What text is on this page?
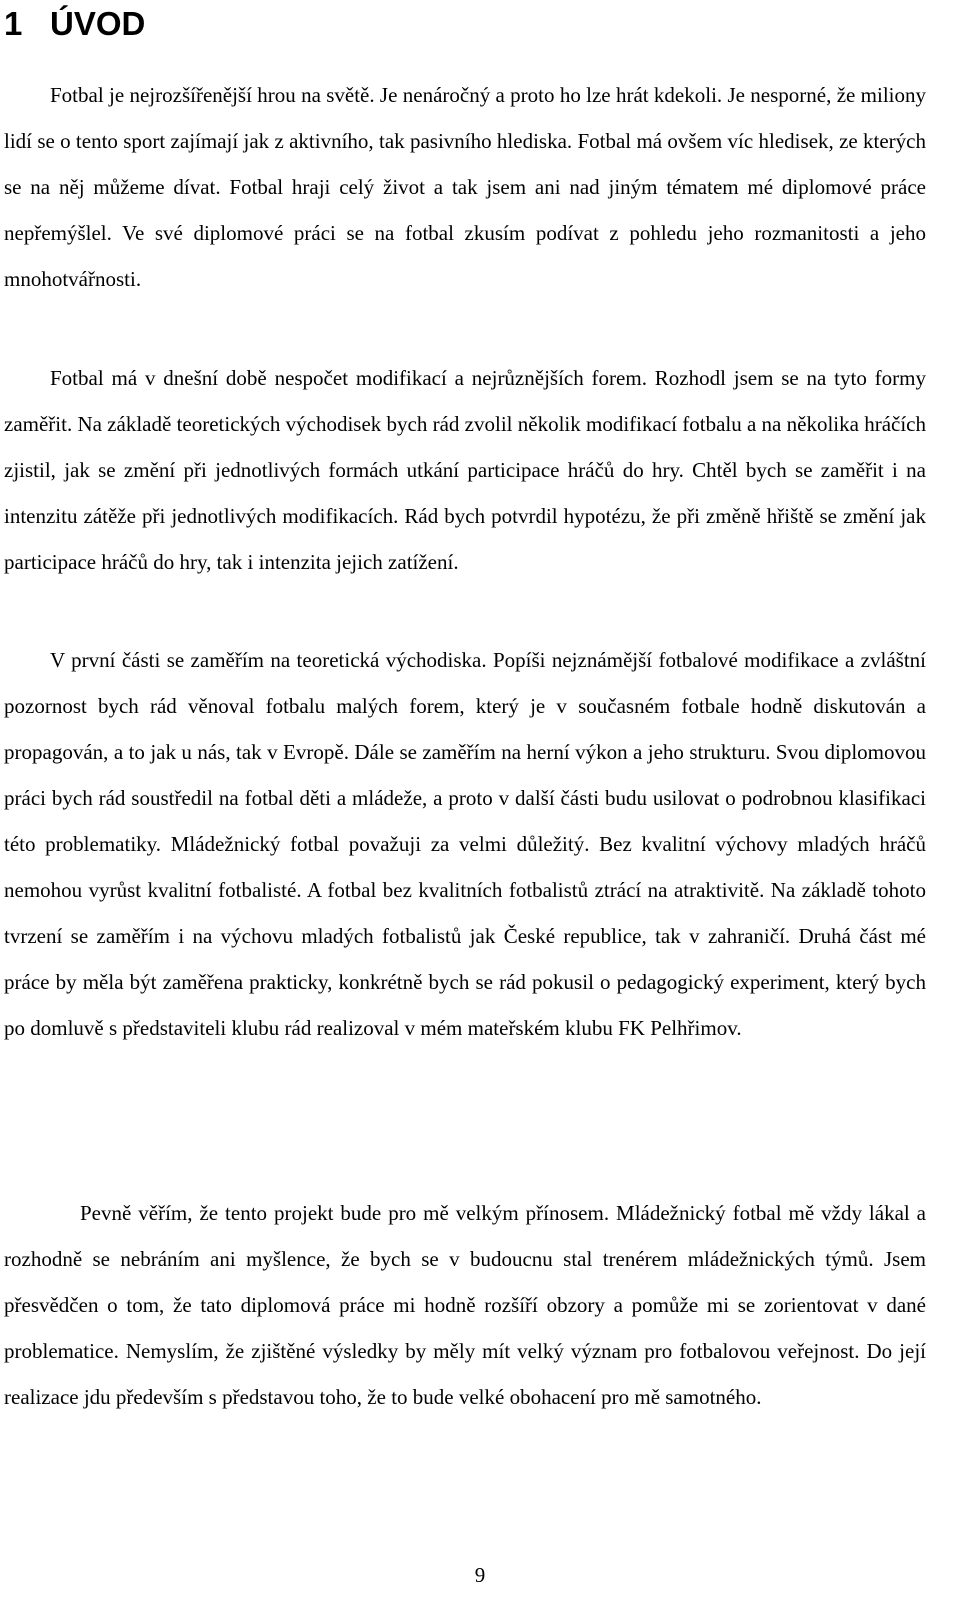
1 ÚVOD

Fotbal je nejrozšířenější hrou na světě. Je nenáročný a proto ho lze hrát kdekoli. Je nesporné, že miliony lidí se o tento sport zajímají jak z aktivního, tak pasivního hlediska. Fotbal má ovšem víc hledisek, ze kterých se na něj můžeme dívat. Fotbal hraji celý život a tak jsem ani nad jiným tématem mé diplomové práce nepřemýšlel. Ve své diplomové práci se na fotbal zkusím podívat z pohledu jeho rozmanitosti a jeho mnohotvářnosti.

Fotbal má v dnešní době nespočet modifikací a nejrůznějších forem. Rozhodl jsem se na tyto formy zaměřit. Na základě teoretických východisek bych rád zvolil několik modifikací fotbalu a na několika hráčích zjistil, jak se změní při jednotlivých formách utkání participace hráčů do hry. Chtěl bych se zaměřit i na intenzitu zátěže při jednotlivých modifikacích. Rád bych potvrdil hypotézu, že při změně hřiště se změní jak participace hráčů do hry, tak i intenzita jejich zatížení.

V první části se zaměřím na teoretická východiska. Popíši nejznámější fotbalové modifikace a zvláštní pozornost bych rád věnoval fotbalu malých forem, který je v současném fotbale hodně diskutován a propagován, a to jak u nás, tak v Evropě. Dále se zaměřím na herní výkon a jeho strukturu. Svou diplomovou práci bych rád soustředil na fotbal děti a mládeže, a proto v další části budu usilovat o podrobnou klasifikaci této problematiky. Mládežnický fotbal považuji za velmi důležitý. Bez kvalitní výchovy mladých hráčů nemohou vyrůst kvalitní fotbalisté. A fotbal bez kvalitních fotbalistů ztrácí na atraktivitě. Na základě tohoto tvrzení se zaměřím i na výchovu mladých fotbalistů jak České republice, tak v zahraničí. Druhá část mé práce by měla být zaměřena prakticky, konkrétně bych se rád pokusil o pedagogický experiment, který bych po domluvě s představiteli klubu rád realizoval v mém mateřském klubu FK Pelhřimov.

Pevně věřím, že tento projekt bude pro mě velkým přínosem. Mládežnický fotbal mě vždy lákal a rozhodně se nebráním ani myšlence, že bych se v budoucnu stal trenérem mládežnických týmů. Jsem přesvědčen o tom, že tato diplomová práce mi hodně rozšíří obzory a pomůže mi se zorientovat v dané problematice. Nemyslím, že zjištěné výsledky by měly mít velký význam pro fotbalovou veřejnost. Do její realizace jdu především s představou toho, že to bude velké obohacení pro mě samotného.

9
